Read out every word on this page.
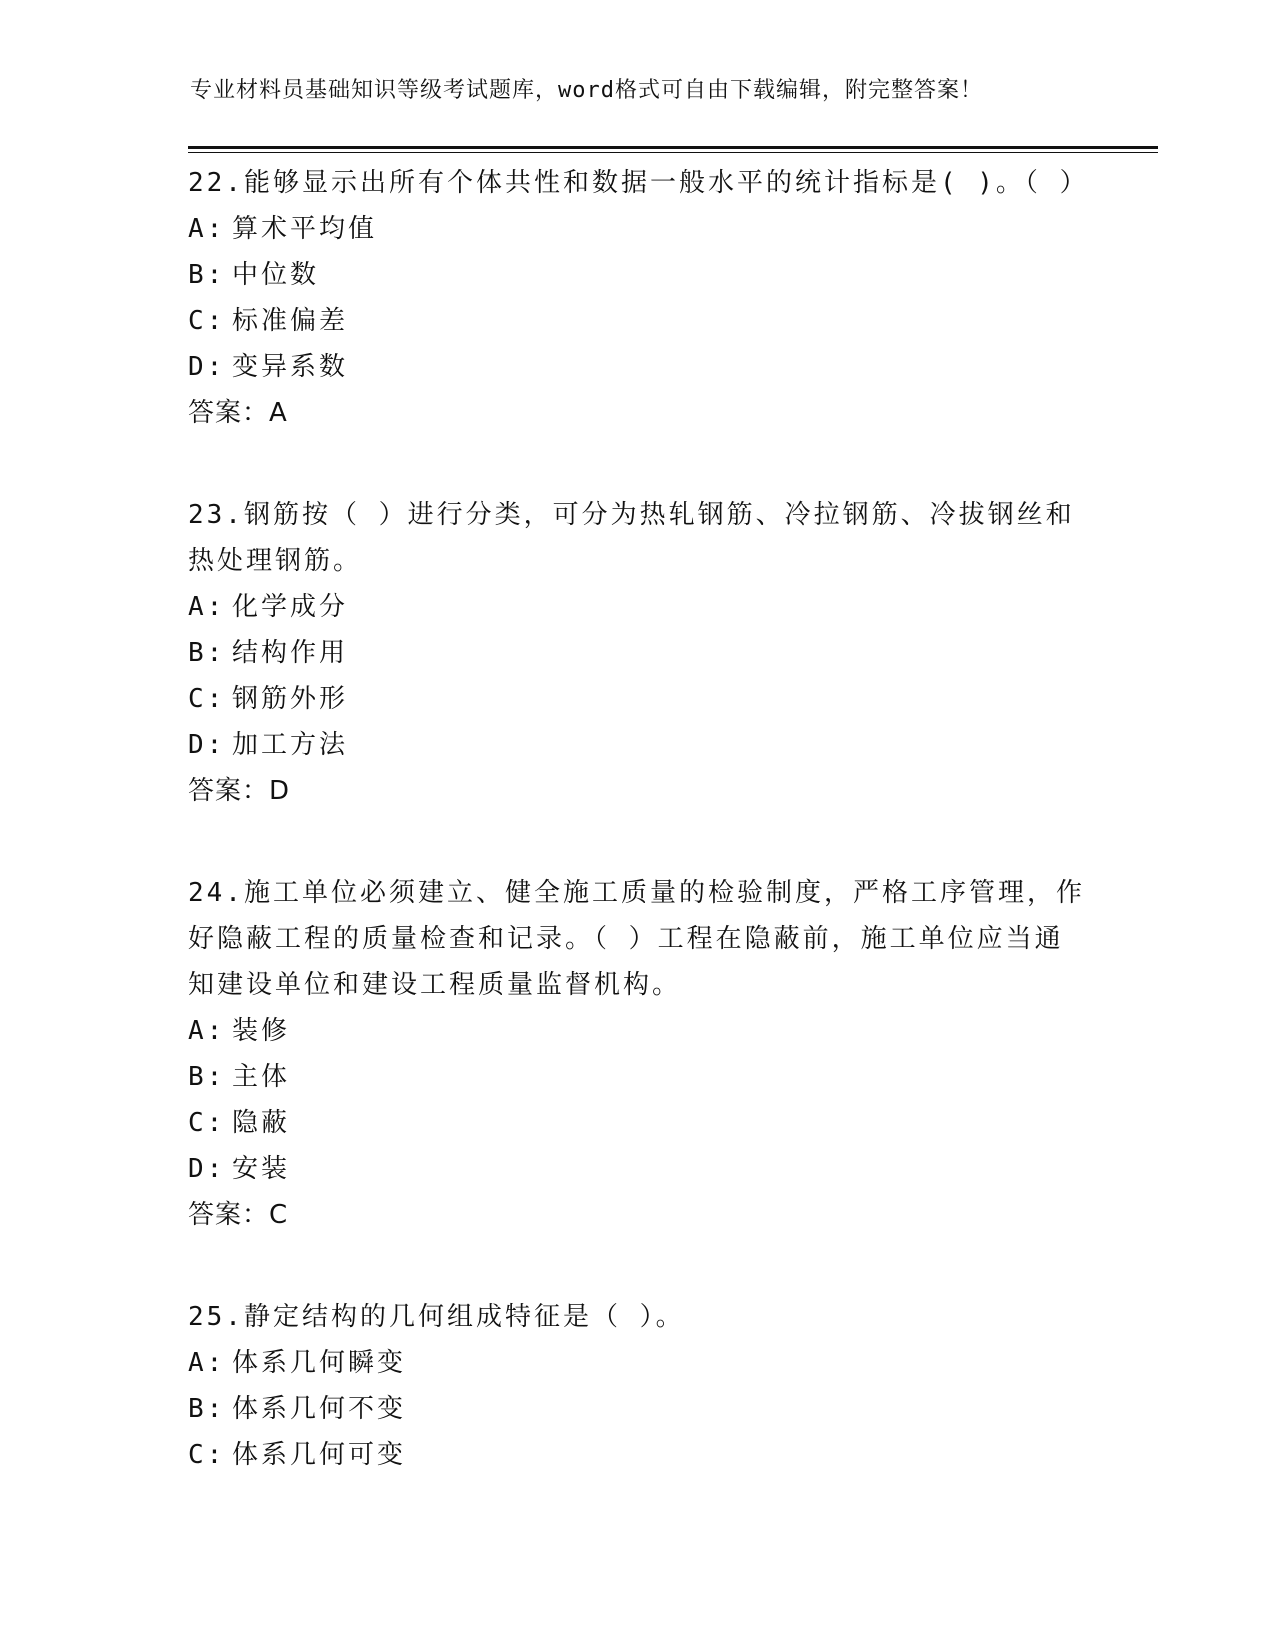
专业材料员基础知识等级考试题库，word格式可自由下载编辑，附完整答案！

22.能够显示出所有个体共性和数据一般水平的统计指标是( )。（ ）

A: 算术平均值
B: 中位数
C: 标准偏差
D: 变异系数

答案：A

23.钢筋按（ ）进行分类，可分为热轧钢筋、冷拉钢筋、冷拔钢丝和热处理钢筋。

A: 化学成分
B: 结构作用
C: 钢筋外形
D: 加工方法

答案：D

24.施工单位必须建立、健全施工质量的检验制度，严格工序管理，作好隐蔽工程的质量检查和记录。（ ）工程在隐蔽前，施工单位应当通知建设单位和建设工程质量监督机构。

A: 装修
B: 主体
C: 隐蔽
D: 安装

答案：C

25.静定结构的几何组成特征是（ ）。

A: 体系几何瞬变
B: 体系几何不变
C: 体系几何可变
